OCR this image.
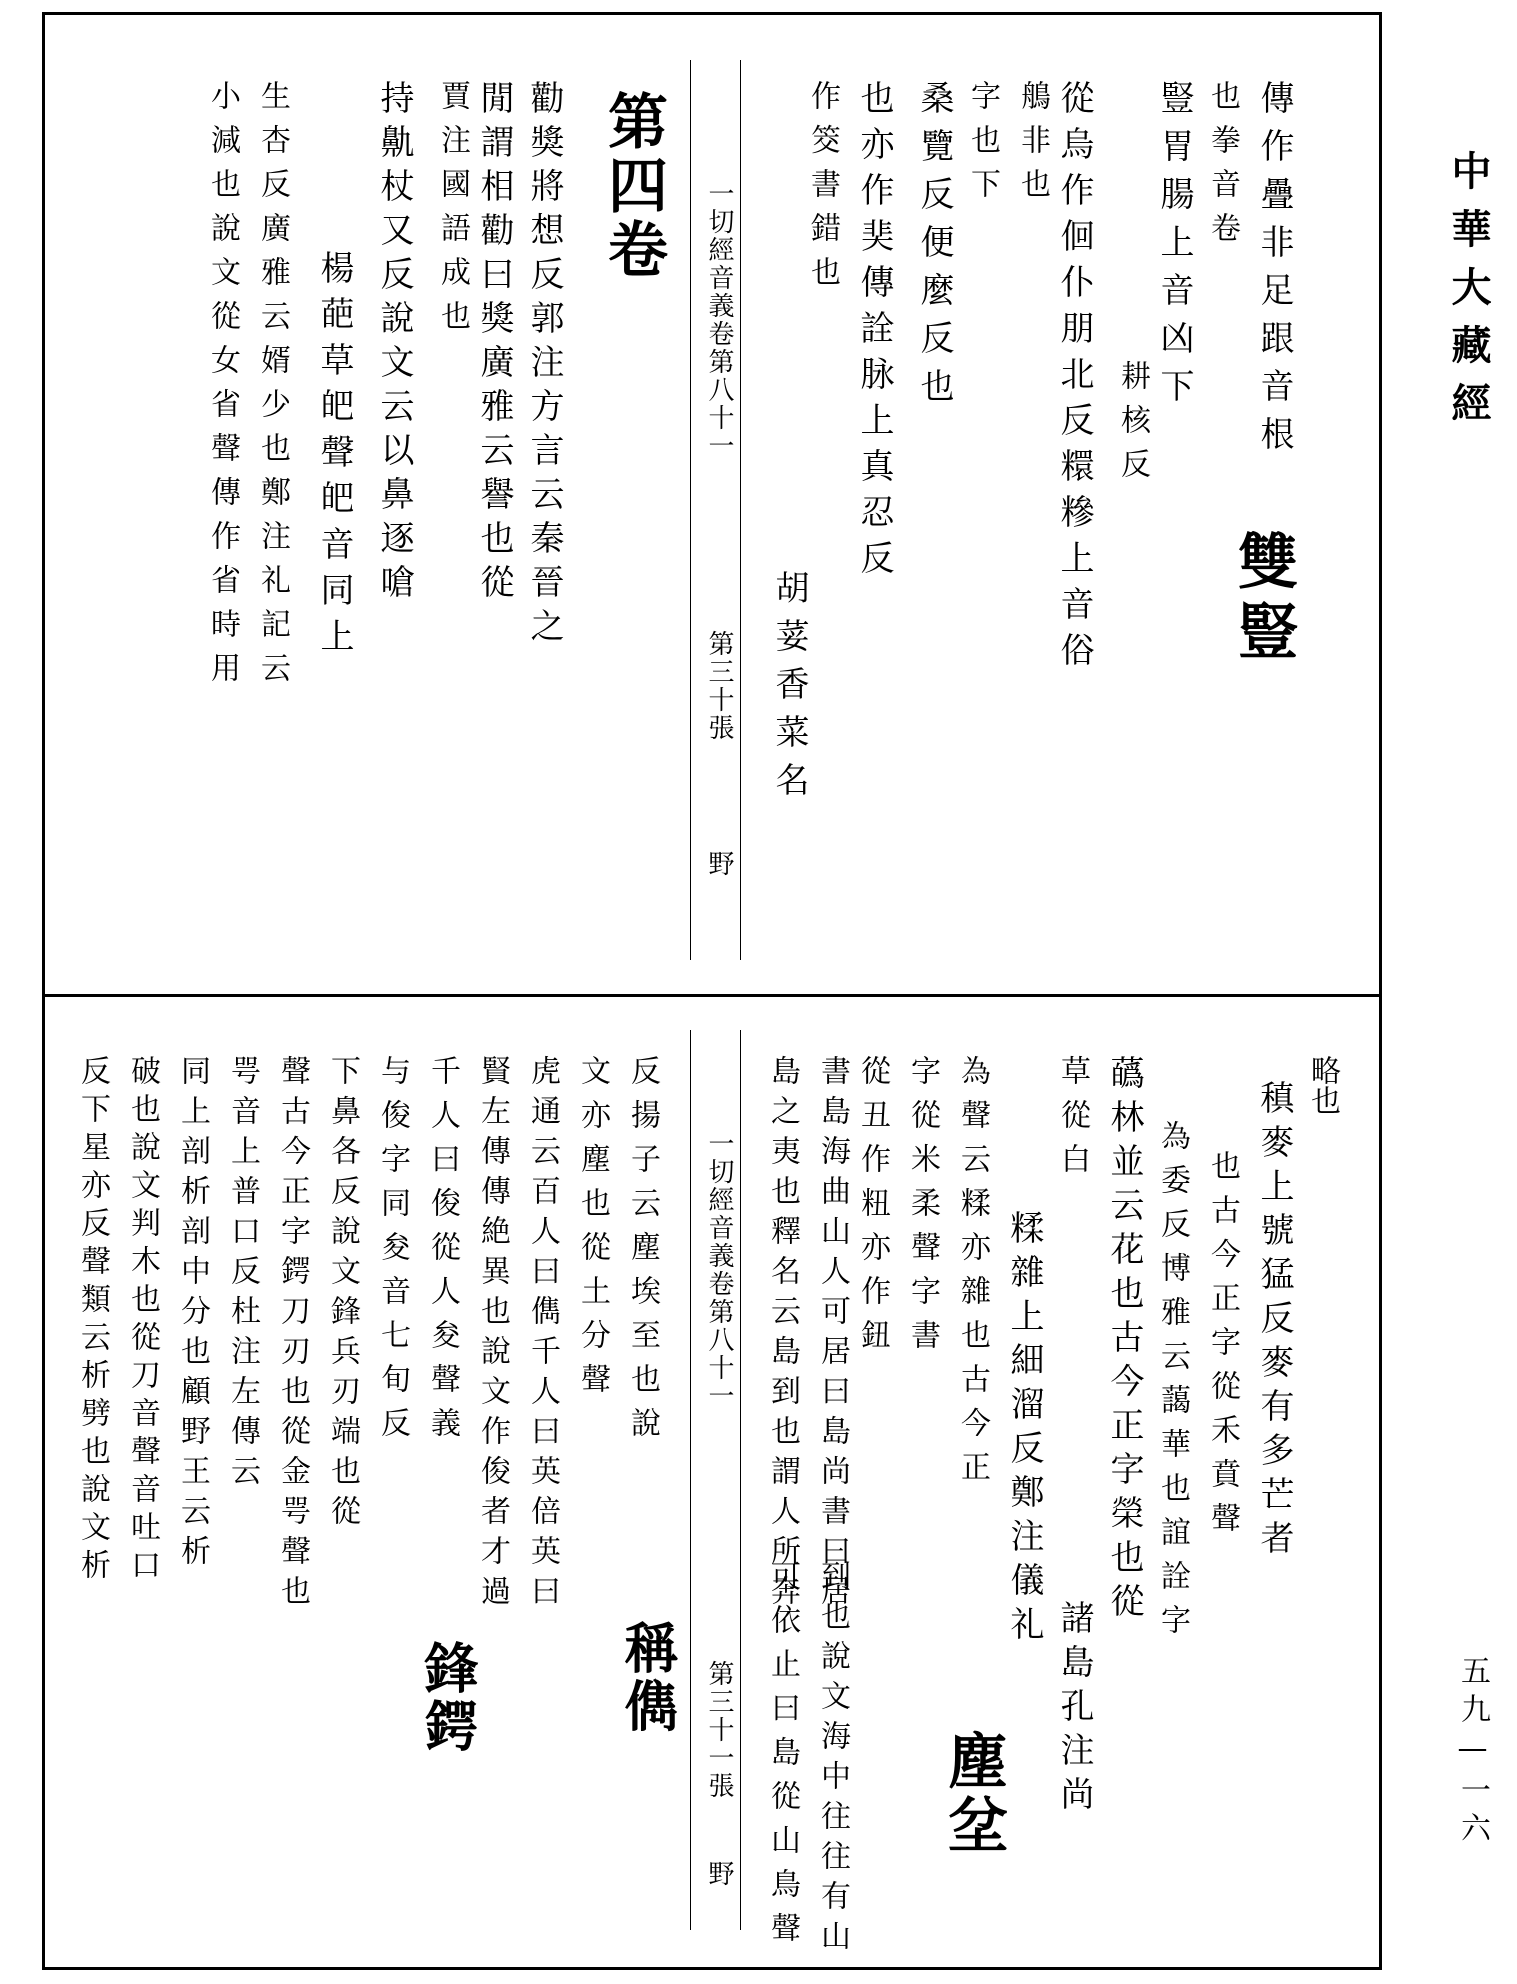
一切經音義卷第八十一
第三十張
野
傳作疊非足跟音根
也拳音卷
豎胃腸上音凶下
耕核反
雙豎
從烏作佪仆朋北反糫糝上音俗
鵃非也
字也下
桑覽反便麼反也
也亦作奜傳詮脉上真忍反
作筊書錯也
胡荽香菜名
第四卷
勸獎將想反郭注方言云秦晉之
閒謂相勸曰獎廣雅云譽也從
賈注國語成也
持鼽杖又反說文云以鼻逐嗆
楊葩草皅聲皅音同上
生杏反廣雅云婿少也鄭注礼記云
小減也說文從女省聲傳作省時用
一切經音義卷第八十一
第三十一張
野
略也
稹麥上號猛反麥有多芒者
也古今正字從禾賁聲
為委反博雅云藹華也誼詮字
蘤林並云花也古今正字榮也從
草從白
糅雜上細溜反鄭注儀礼
為聲云糅亦雜也古今正
字從米柔聲字書
從丑作粈亦作鈕
書島海曲山人可居曰島尚書曰居
諸島孔注尚
島之夷也釋名云島到也謂人所奔
到也說文海中往往有山
可依止曰島從山鳥聲 塵坌
反揚子云塵埃至也說
文亦塵也從土分聲
虎通云百人曰儁千人曰英倍英曰
賢左傳傳絶異也說文作俊者才過
千人曰俊從人夋聲義
与俊字同夋音七旬反
下鼻各反說文鋒兵刃端也從
聲古今正字鍔刀刃也從金咢聲也
咢音上普口反杜注左傳云
同上剖析剖中分也顧野王云析
破也說文判木也從刀音聲音吐口
反下星亦反聲類云析劈也說文析
稱儁
鋒鍔
中華大藏經
五九—一六
